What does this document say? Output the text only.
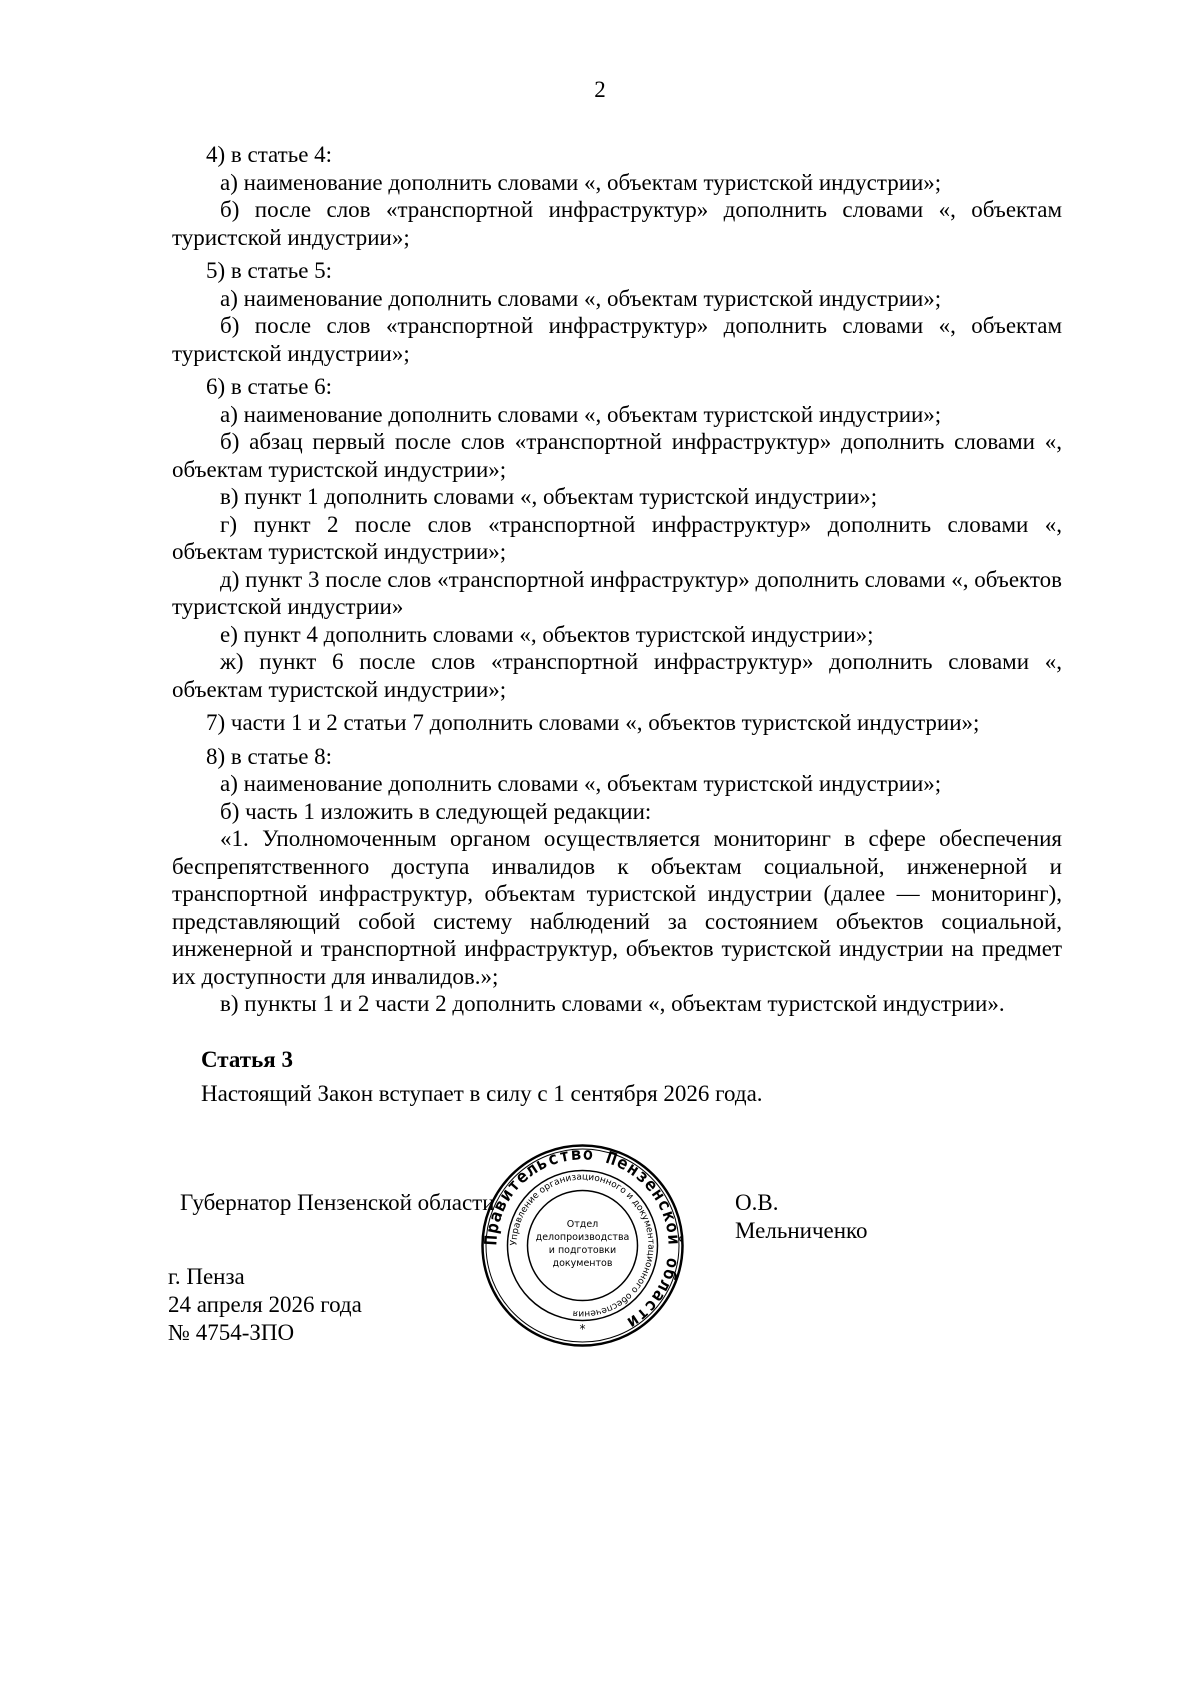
2

4) в статье 4:

а) наименование дополнить словами «, объектам туристской индустрии»;

б) после слов «транспортной инфраструктур» дополнить словами «, объектам туристской индустрии»;

5) в статье 5:

а) наименование дополнить словами «, объектам туристской индустрии»;

б) после слов «транспортной инфраструктур» дополнить словами «, объектам туристской индустрии»;

6) в статье 6:

а) наименование дополнить словами «, объектам туристской индустрии»;

б) абзац первый после слов «транспортной инфраструктур» дополнить словами «, объектам туристской индустрии»;

в) пункт 1 дополнить словами «, объектам туристской индустрии»;

г) пункт 2 после слов «транспортной инфраструктур» дополнить словами «, объектам туристской индустрии»;

д) пункт 3 после слов «транспортной инфраструктур» дополнить словами «, объектов туристской индустрии»

е) пункт 4 дополнить словами «, объектов туристской индустрии»;

ж) пункт 6 после слов «транспортной инфраструктур» дополнить словами «, объектам туристской индустрии»;

7) части 1 и 2 статьи 7 дополнить словами «, объектов туристской индустрии»;

8) в статье 8:

а) наименование дополнить словами «, объектам туристской индустрии»;

б) часть 1 изложить в следующей редакции:

«1. Уполномоченным органом осуществляется мониторинг в сфере обеспечения беспрепятственного доступа инвалидов к объектам социальной, инженерной и транспортной инфраструктур, объектам туристской индустрии (далее — мониторинг), представляющий собой систему наблюдений за состоянием объектов социальной, инженерной и транспортной инфраструктур, объектов туристской индустрии на предмет их доступности для инвалидов.»;

в) пункты 1 и 2 части 2 дополнить словами «, объектам туристской индустрии».

Статья 3

Настоящий Закон вступает в силу с 1 сентября 2026 года.

Губернатор Пензенской области	О.В. Мельниченко
г. Пенза
24 апреля 2026 года
№ 4754-ЗПО
Правительство Пензенской области
Управление организационного и документационного обеспечения
Отдел
делопроизводства
и подготовки
документов
*
